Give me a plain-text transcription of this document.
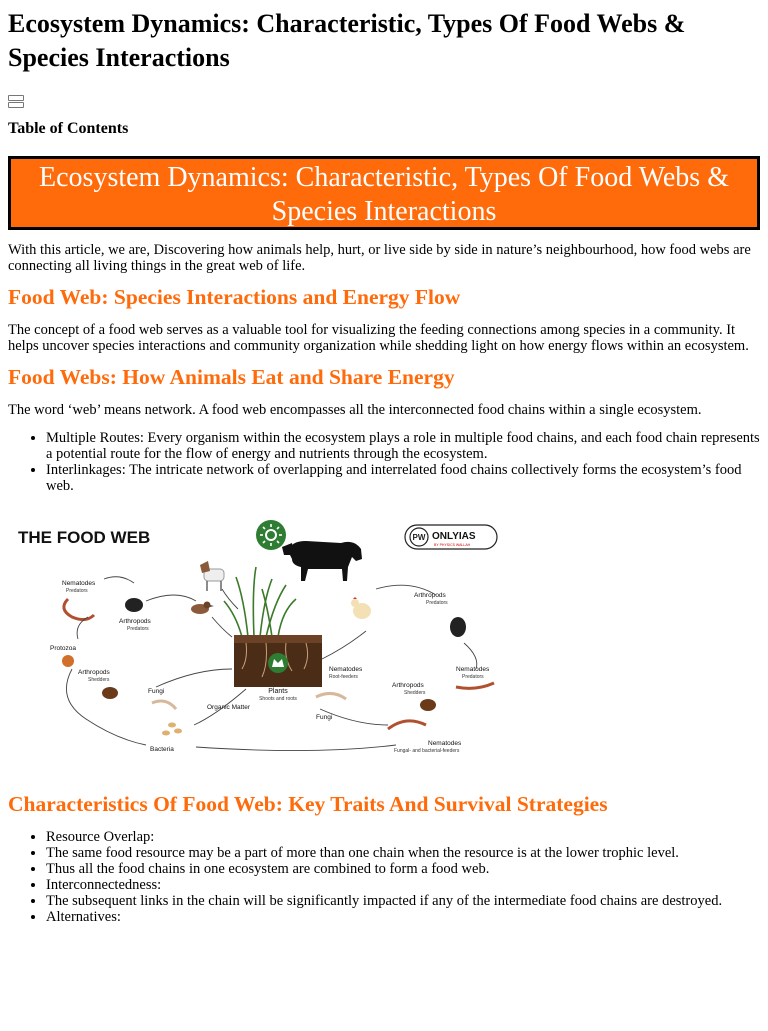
Ecosystem Dynamics: Characteristic, Types Of Food Webs & Species Interactions
Table of Contents
Ecosystem Dynamics: Characteristic, Types Of Food Webs & Species Interactions

With this article, we are, Discovering how animals help, hurt, or live side by side in nature’s neighbourhood, how food webs are connecting all living things in the great web of life.

Food Web: Species Interactions and Energy Flow

The concept of a food web serves as a valuable tool for visualizing the feeding connections among species in a community. It helps uncover species interactions and community organization while shedding light on how energy flows within an ecosystem.

Food Webs: How Animals Eat and Share Energy

The word ‘web’ means network. A food web encompasses all the interconnected food chains within a single ecosystem.

• Multiple Routes: Every organism within the ecosystem plays a role in multiple food chains, and each food chain represents a potential route for the flow of energy and nutrients through the ecosystem.
• Interlinkages: The intricate network of overlapping and interrelated food chains collectively forms the ecosystem’s food web.
THE FOOD WEB	PW ONLYIAS
BY PHYSICS WALLAH
Plants
Shoots and roots
Nematodes
Predators
Arthropods
Predators
Protozoa
Arthropods
Shedders
Fungi
Organic Matter
Bacteria
Nematodes
Root-feeders
Fungi
Arthropods
Predators
Nematodes
Predators
Arthropods
Shedders
Nematodes
Fungal- and bacterial-feeders
Characteristics Of Food Web: Key Traits And Survival Strategies
• Resource Overlap:
• The same food resource may be a part of more than one chain when the resource is at the lower trophic level.
• Thus all the food chains in one ecosystem are combined to form a food web.
• Interconnectedness:
• The subsequent links in the chain will be significantly impacted if any of the intermediate food chains are destroyed.
• Alternatives:
